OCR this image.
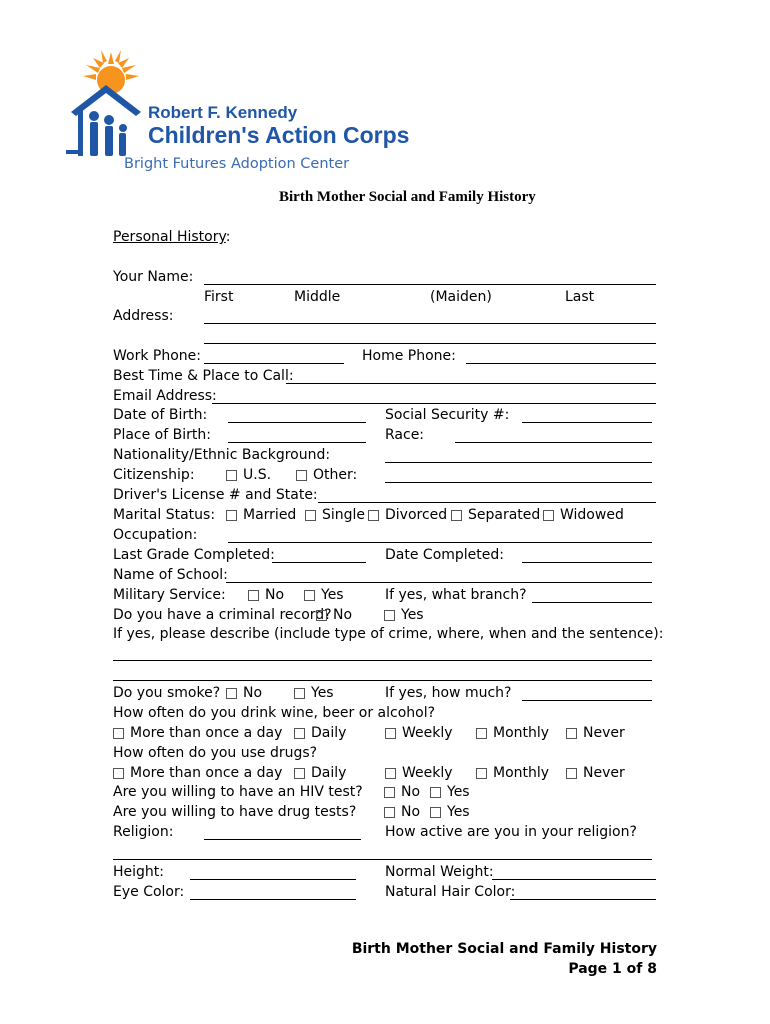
Robert F. Kennedy
Children's Action Corps
Bright Futures Adoption Center
Birth Mother Social and Family History
Personal History:
Your Name:
First	Middle	(Maiden)	Last
Address:
Work Phone:	Home Phone:
Best Time & Place to Call:
Email Address:
Date of Birth:	Social Security #:
Place of Birth:	Race:
Nationality/Ethnic Background:
Citizenship:	U.S.	Other:
Driver's License # and State:
Marital Status: Married Single Divorced Separated Widowed
Occupation:
Last Grade Completed:	Date Completed:
Name of School:
Military Service:	No	Yes	If yes, what branch?
Do you have a criminal record? No	Yes
If yes, please describe (include type of crime, where, when and the sentence):
Do you smoke? No	Yes	If yes, how much?
How often do you drink wine, beer or alcohol?
More than once a day Daily	Weekly	Monthly Never
How often do you use drugs?
More than once a day Daily	Weekly	Monthly Never
Are you willing to have an HIV test?	No Yes
Are you willing to have drug tests?	No Yes
Religion:	How active are you in your religion?
Height:	Normal Weight:
Eye Color:	Natural Hair Color:
Birth Mother Social and Family History
Page 1 of 8
